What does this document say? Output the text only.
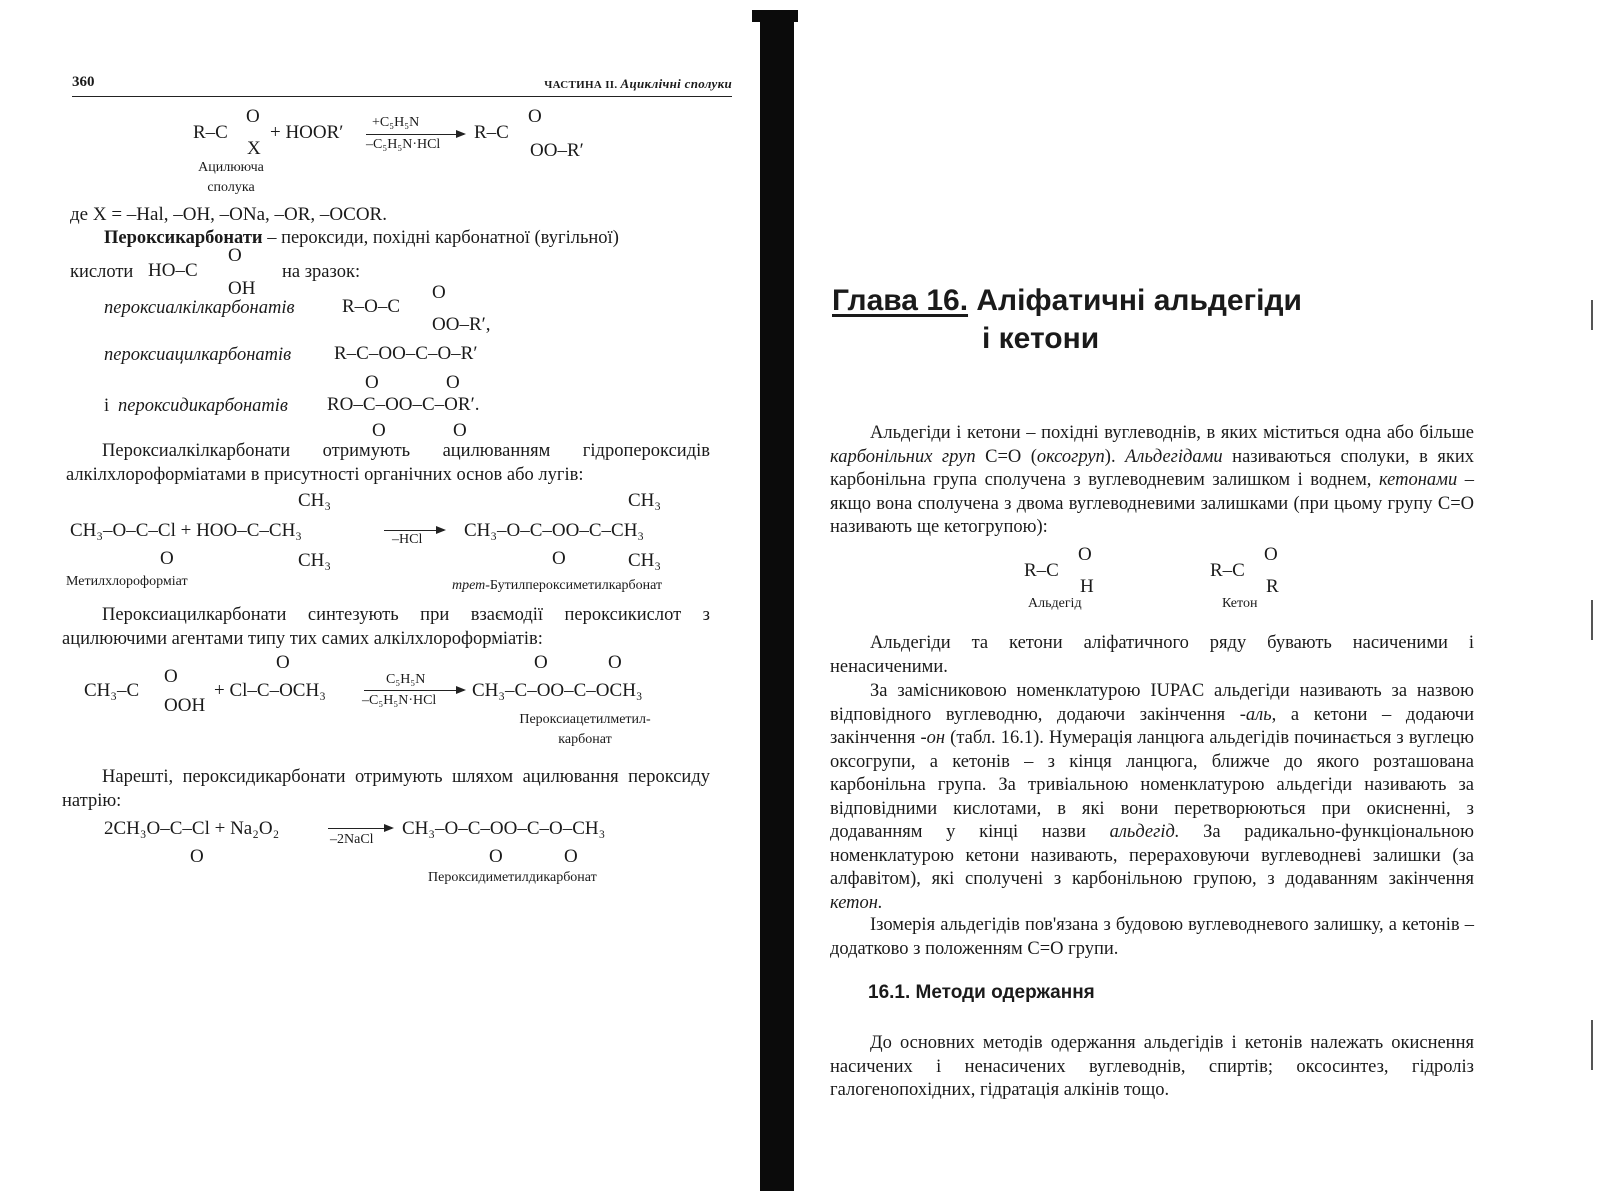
360	ЧАСТИНА ІІ. Ациклічні сполуки
R–C
O
X
+ HOOR′ +C₅H₅N
–C₅H₅N·HCl
R–C
O
OO–R′
Ацилююча сполука
де X = –Hal, –OH, –ONa, –OR, –OCOR.
Пероксикарбонати – пероксиди, похідні карбонатної (вугільної)
кислоти HO–C
O
OH
на зразок:
пероксиалкілкарбонатів R–O–C
O
OO–R′,
пероксиацилкарбонатів R–C–OO–C–O–R′
O	O
і пероксидикарбонатів RO–C–OO–C–OR′.
O	O
Пероксиалкілкарбонати отримують ацилюванням гідропероксидів алкілхлороформіатами в присутності органічних основ або лугів:
CH₃
CH₃–O–C–Cl + HOO–C–CH₃
O	CH₃
–HCl
CH₃
CH₃–O–C–OO–C–CH₃
O	CH₃
Метилхлороформіат	трет-Бутилпероксиметилкарбонат
Пероксиацилкарбонати синтезують при взаємодії пероксикислот з ацилюючими агентами типу тих самих алкілхлороформіатів:
O	O	O
CH₃–C
O
OOH
+ Cl–C–OCH₃
C₅H₅N
–C₅H₅N·HCl CH₃–C–OO–C–OCH₃
Пероксиацетилметил- карбонат
Нарешті, пероксидикарбонати отримують шляхом ацилювання пероксиду натрію:
2CH₃O–C–Cl + Na₂O₂
O
–2NaCl
CH₃–O–C–OO–C–O–CH₃
O	O
Пероксидиметилдикарбонат
Глава 16. Аліфатичні альдегіди
і кетони
Альдегіди і кетони – похідні вуглеводнів, в яких міститься одна або більше карбонільних груп C=O (оксогруп). Альдегідами називаються сполуки, в яких карбонільна група сполучена з вуглеводневим залишком і воднем, кетонами – якщо вона сполучена з двома вуглеводневими залишками (при цьому групу C=O називають ще кетогрупою):
R–C
O
H
Альдегід
R–C
O
R
Кетон
Альдегіди та кетони аліфатичного ряду бувають насиченими і ненасиченими.
За замісниковою номенклатурою IUPAC альдегіди називають за назвою відповідного вуглеводню, додаючи закінчення -аль, а кетони – додаючи закінчення -он (табл. 16.1). Нумерація ланцюга альдегідів починається з вуглецю оксогрупи, а кетонів – з кінця ланцюга, ближче до якого розташована карбонільна група. За тривіальною номенклатурою альдегіди називають за відповідними кислотами, в які вони перетворюються при окисненні, з додаванням у кінці назви альдегід. За радикально-функціональною номенклатурою кетони називають, перераховуючи вуглеводневі залишки (за алфавітом), які сполучені з карбонільною групою, з додаванням закінчення кетон.
Ізомерія альдегідів пов'язана з будовою вуглеводневого залишку, а кетонів – додатково з положенням C=O групи.
16.1. Методи одержання
До основних методів одержання альдегідів і кетонів належать окиснення насичених і ненасичених вуглеводнів, спиртів; оксосинтез, гідроліз галогенопохідних, гідратація алкінів тощо.
